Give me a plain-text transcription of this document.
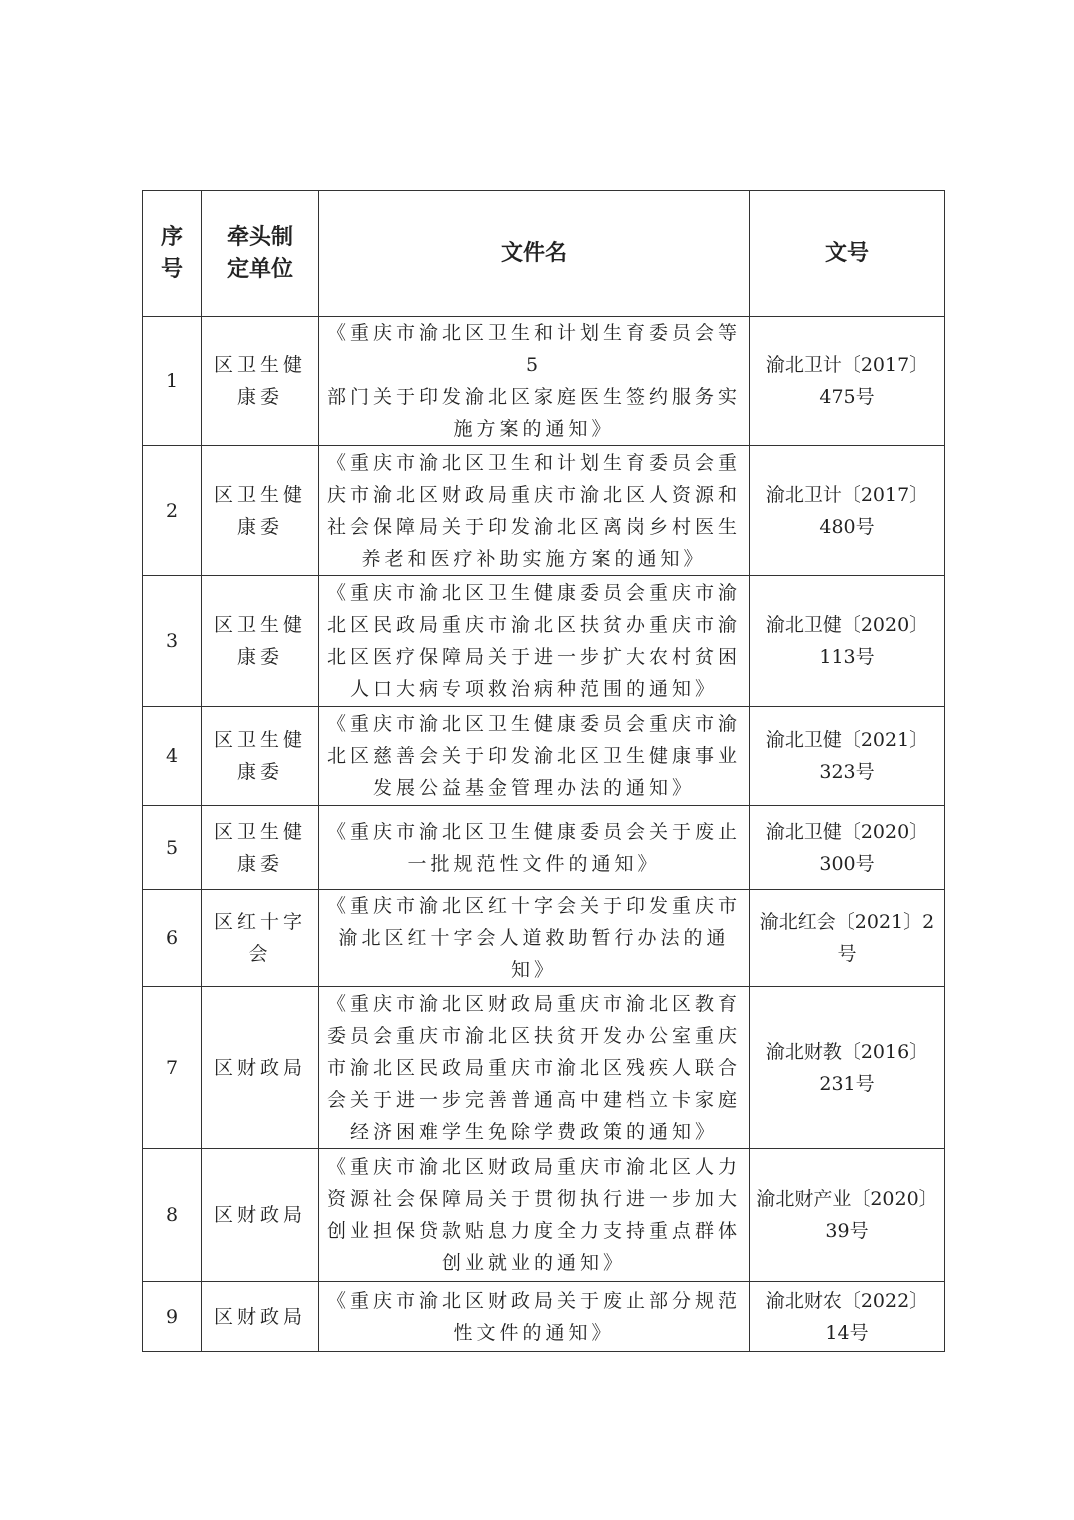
序
号	牵头制
定单位	文件名	文号
1	区卫生健
康委	《重庆市渝北区卫生和计划生育委员会等5
部门关于印发渝北区家庭医生签约服务实
施方案的通知》	渝北卫计〔2017〕
475号
2	区卫生健
康委	《重庆市渝北区卫生和计划生育委员会重
庆市渝北区财政局重庆市渝北区人资源和
社会保障局关于印发渝北区离岗乡村医生
养老和医疗补助实施方案的通知》	渝北卫计〔2017〕
480号
3	区卫生健
康委	《重庆市渝北区卫生健康委员会重庆市渝
北区民政局重庆市渝北区扶贫办重庆市渝
北区医疗保障局关于进一步扩大农村贫困
人口大病专项救治病种范围的通知》	渝北卫健〔2020〕
113号
4	区卫生健
康委	《重庆市渝北区卫生健康委员会重庆市渝
北区慈善会关于印发渝北区卫生健康事业
发展公益基金管理办法的通知》	渝北卫健〔2021〕
323号
5	区卫生健
康委	《重庆市渝北区卫生健康委员会关于废止
一批规范性文件的通知》	渝北卫健〔2020〕
300号
6	区红十字
会	《重庆市渝北区红十字会关于印发重庆市
渝北区红十字会人道救助暂行办法的通知》	渝北红会〔2021〕2
号
7	区财政局	《重庆市渝北区财政局重庆市渝北区教育
委员会重庆市渝北区扶贫开发办公室重庆
市渝北区民政局重庆市渝北区残疾人联合
会关于进一步完善普通高中建档立卡家庭
经济困难学生免除学费政策的通知》	渝北财教〔2016〕
231号
8	区财政局	《重庆市渝北区财政局重庆市渝北区人力
资源社会保障局关于贯彻执行进一步加大
创业担保贷款贴息力度全力支持重点群体
创业就业的通知》	渝北财产业〔2020〕
39号
9	区财政局	《重庆市渝北区财政局关于废止部分规范
性文件的通知》	渝北财农〔2022〕
14号
